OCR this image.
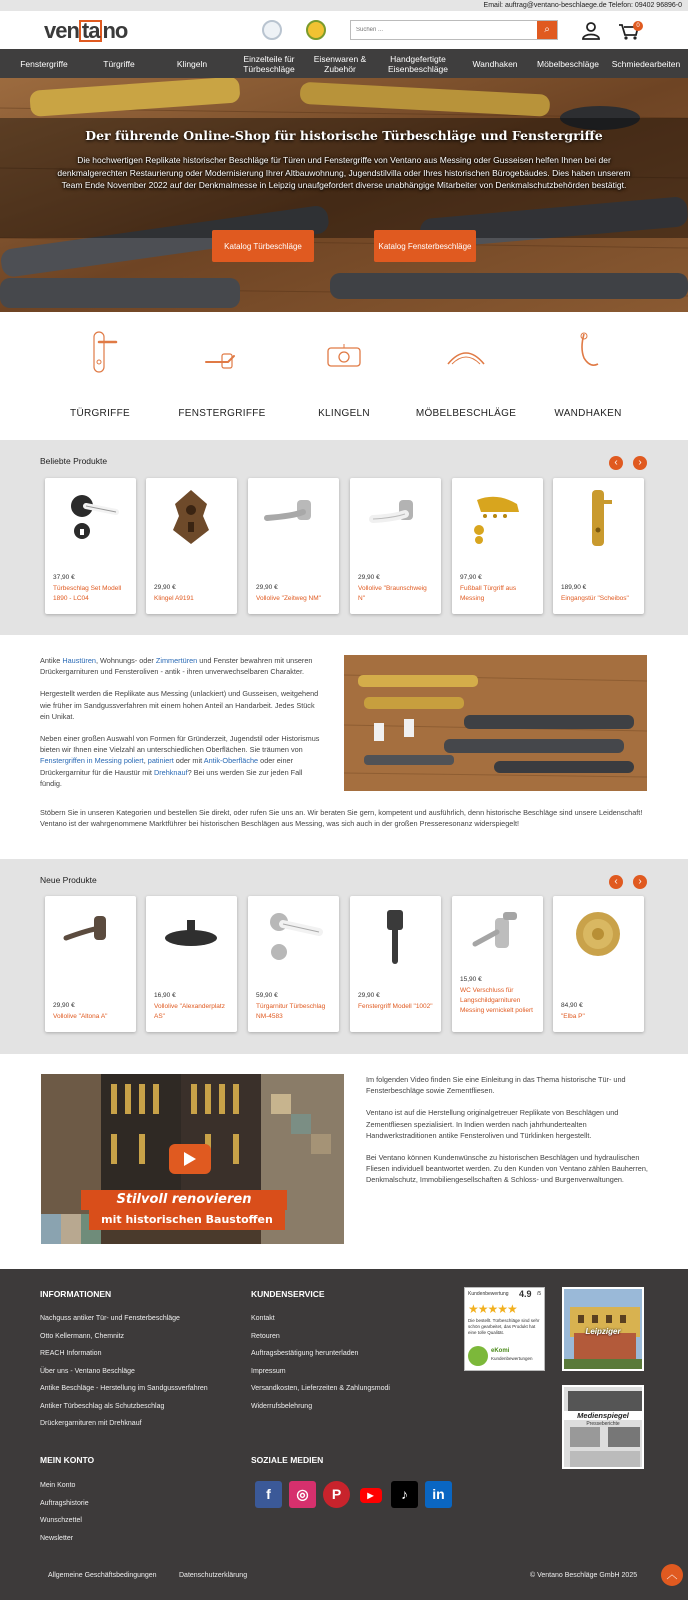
Email: auftrag@ventano-beschlaege.de Telefon: 09402 96896-0
ven ta no
Suchen ...	⌕	0
Fenstergriffe	Türgriffe	Klingeln	Einzelteile für Türbeschläge
Eisenwaren & Zubehör
Handgefertigte Eisenbeschläge	Wandhaken	Möbelbeschläge	Schmiedearbeiten
Der führende Online-Shop für historische Türbeschläge und Fenstergriffe

Die hochwertigen Replikate historischer Beschläge für Türen und Fenstergriffe von Ventano aus Messing oder Gusseisen helfen Ihnen bei der denkmalgerechten Restaurierung oder Modernisierung Ihrer Altbauwohnung, Jugendstilvilla oder Ihres historischen Bürogebäudes. Dies haben unserem Team Ende November 2022 auf der Denkmalmesse in Leipzig unaufgefordert diverse unabhängige Mitarbeiter von Denkmalschutzbehörden bestätigt.

Katalog Türbeschläge	Katalog Fensterbeschläge
TÜRGRIFFE	FENSTERGRIFFE	KLINGELN	MÖBELBESCHLÄGE	WANDHAKEN
Beliebte Produkte	‹	›
37,90 €
Türbeschlag Set Modell 1890 - LC04
29,90 €
Klingel A9191
29,90 €
Vollolive "Zeitweg NM"
29,90 €
Vollolive "Braunschweig N"
97,90 €
Fußball Türgriff aus Messing
189,90 €
Eingangstür "Scheibos"

Antike Haustüren, Wohnungs- oder Zimmertüren und Fenster bewahren mit unseren Drückergarnituren und Fensteroliven - antik - ihren unverwechselbaren Charakter.

Hergestellt werden die Replikate aus Messing (unlackiert) und Gusseisen, weitgehend wie früher im Sandgussverfahren mit einem hohen Anteil an Handarbeit. Jedes Stück ein Unikat.

Neben einer großen Auswahl von Formen für Gründerzeit, Jugendstil oder Historismus bieten wir Ihnen eine Vielzahl an unterschiedlichen Oberflächen. Sie träumen von Fenstergriffen in Messing poliert, patiniert oder mit Antik-Oberfläche oder einer Drückergarnitur für die Haustür mit Drehknauf? Bei uns werden Sie zur jeden Fall fündig.

Stöbern Sie in unseren Kategorien und bestellen Sie direkt, oder rufen Sie uns an. Wir beraten Sie gern, kompetent und ausführlich, denn historische Beschläge sind unsere Leidenschaft! Ventano ist der wahrgenommene Marktführer bei historischen Beschlägen aus Messing, was sich auch in der großen Presseresonanz widerspiegelt!
Neue Produkte	‹	›
29,90 €
Vollolive "Altona A"
16,90 €
Vollolive "Alexanderplatz AS"
59,90 €
Türgarnitur Türbeschlag NM-4583
29,90 €
Fenstergriff Modell "1002"
15,90 €
WC Verschluss für Langschildgarnituren Messing vernickelt poliert
84,90 €
"Elba P"
Stilvoll renovieren
mit historischen Baustoffen

Im folgenden Video finden Sie eine Einleitung in das Thema historische Tür- und Fensterbeschläge sowie Zementfliesen.

Ventano ist auf die Herstellung originalgetreuer Replikate von Beschlägen und Zementfliesen spezialisiert. In Indien werden nach jahrhundertealten Handwerkstraditionen antike Fensteroliven und Türklinken hergestellt.

Bei Ventano können Kundenwünsche zu historischen Beschlägen und hydraulischen Fliesen individuell beantwortet werden. Zu den Kunden von Ventano zählen Bauherren, Denkmalschutz, Immobiliengesellschaften & Schloss- und Burgenverwaltungen.

INFORMATIONEN
Nachguss antiker Tür- und Fensterbeschläge
Otto Kellermann, Chemnitz
REACH Information
Über uns - Ventano Beschläge
Antike Beschläge - Herstellung im Sandgussverfahren
Antiker Türbeschlag als Schutzbeschlag
Drückergarnituren mit Drehknauf
KUNDENSERVICE
Kontakt
Retouren
Auftragsbestätigung herunterladen
Impressum
Versandkosten, Lieferzeiten & Zahlungsmodi
Widerrufsbelehrung
MEIN KONTO
Mein Konto
Auftragshistorie
Wunschzettel
Newsletter
SOZIALE MEDIEN
f	◎	P	▶	♪	in
Kundenbewertung 4.9 /5
★★★★★
Die bestellt. Türbeschläge sind sehr schön gearbeitet, das Produkt hat eine tolle Qualität.
eKomi
Kundenbewertungen
Leipziger
Medienspiegel
Presseberichte
Allgemeine Geschäftsbedingungen	Datenschutzerklärung	© Ventano Beschläge GmbH 2025	︿
